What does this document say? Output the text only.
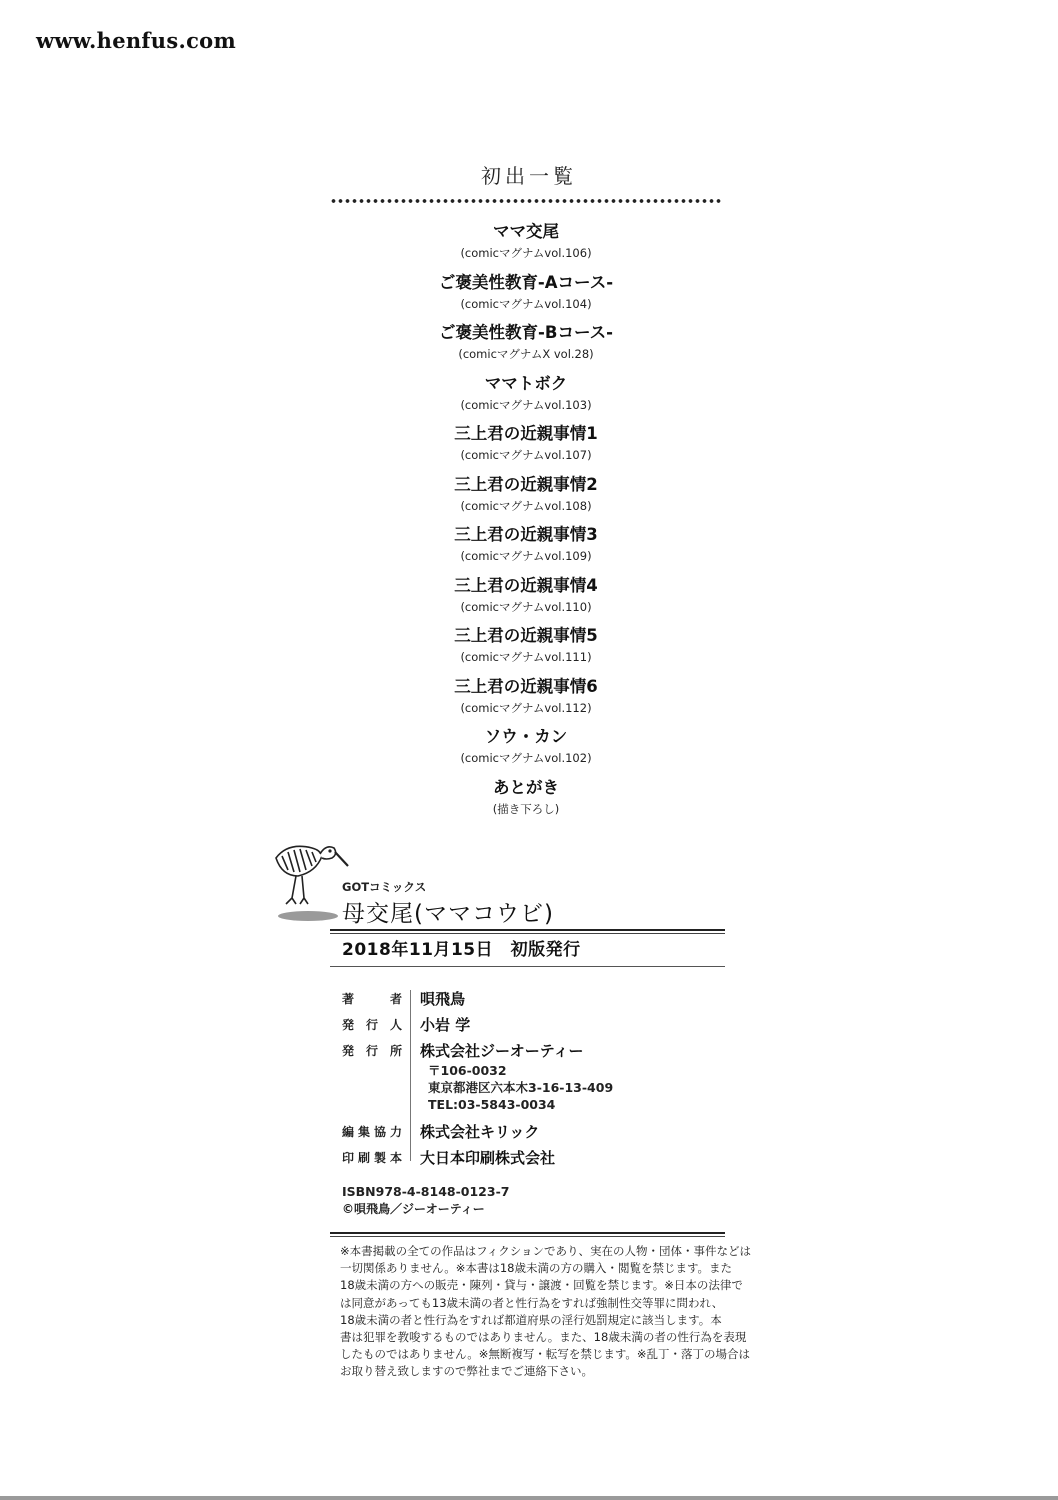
www.henfus.com
初出一覧
ママ交尾
(comicマグナムvol.106)
ご褒美性教育-Aコース-
(comicマグナムvol.104)
ご褒美性教育-Bコース-
(comicマグナムX vol.28)
ママトボク
(comicマグナムvol.103)
三上君の近親事情1
(comicマグナムvol.107)
三上君の近親事情2
(comicマグナムvol.108)
三上君の近親事情3
(comicマグナムvol.109)
三上君の近親事情4
(comicマグナムvol.110)
三上君の近親事情5
(comicマグナムvol.111)
三上君の近親事情6
(comicマグナムvol.112)
ソウ・カン
(comicマグナムvol.102)
あとがき
(描き下ろし)
GOTコミックス
母交尾(ママコウビ)
2018年11月15日　初版発行
著者 唄飛鳥
発行人 小岩 学
発行所 株式会社ジーオーティー
〒106-0032
東京都港区六本木3-16-13-409
TEL:03-5843-0034
編集協力 株式会社キリック
印刷製本 大日本印刷株式会社
ISBN978-4-8148-0123-7
©唄飛鳥／ジーオーティー
※本書掲載の全ての作品はフィクションであり、実在の人物・団体・事件などは
一切関係ありません。※本書は18歳未満の方の購入・閲覧を禁じます。また
18歳未満の方への販売・陳列・貸与・譲渡・回覧を禁じます。※日本の法律で
は同意があっても13歳未満の者と性行為をすれば強制性交等罪に問われ、
18歳未満の者と性行為をすれば都道府県の淫行処罰規定に該当します。本
書は犯罪を教唆するものではありません。また、18歳未満の者の性行為を表現
したものではありません。※無断複写・転写を禁じます。※乱丁・落丁の場合は
お取り替え致しますので弊社までご連絡下さい。
